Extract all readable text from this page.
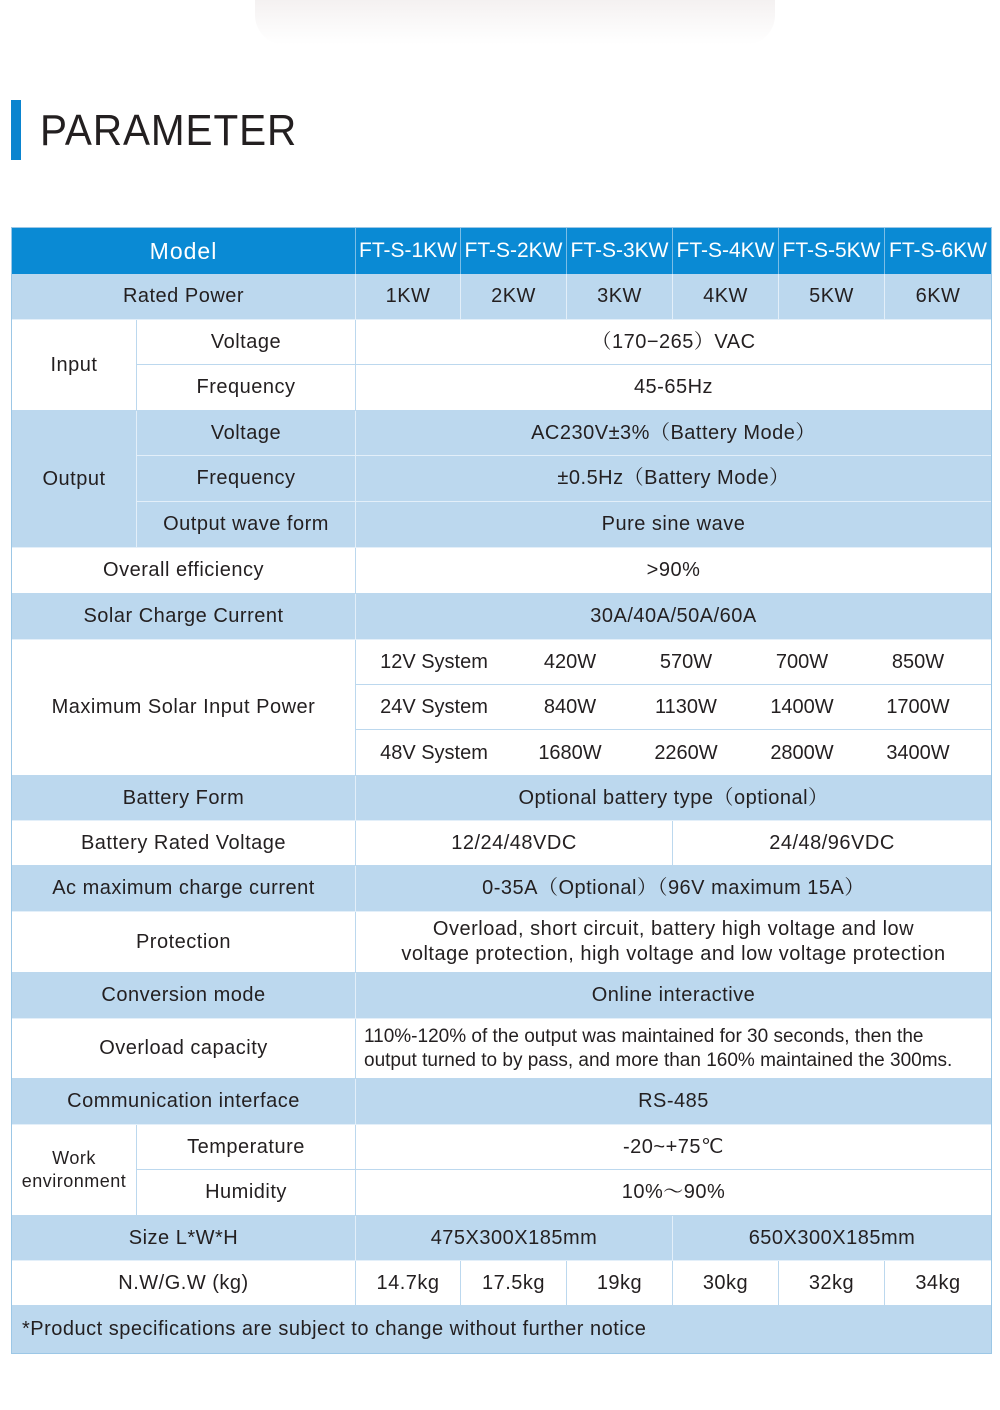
PARAMETER
Model	FT-S-1KW FT-S-2KW FT-S-3KW FT-S-4KW FT-S-5KW FT-S-6KW
Rated Power	1KW	2KW	3KW	4KW	5KW	6KW
Input
Voltage	（170−265）VAC
Frequency	45-65Hz
Output
Voltage	AC230V±3%（Battery Mode）
Frequency	±0.5Hz（Battery Mode）
Output wave form	Pure sine wave
Overall efficiency	>90%
Solar Charge Current	30A/40A/50A/60A
Maximum Solar Input Power
12V System	420W	570W	700W	850W
24V System	840W	1130W	1400W	1700W
48V System	1680W	2260W	2800W	3400W
Battery Form	Optional battery type（optional）
Battery Rated Voltage	12/24/48VDC	24/48/96VDC
Ac maximum charge current	0-35A（Optional）（96V maximum 15A）
Protection
Overload, short circuit, battery high voltage and low
voltage protection, high voltage and low voltage protection
Conversion mode	Online interactive
Overload capacity
110%-120% of the output was maintained for 30 seconds, then the
output turned to by pass, and more than 160% maintained the 300ms.
Communication interface	RS-485
Work
environment
Temperature	-20~+75℃
Humidity	10%～90%
Size L*W*H	475X300X185mm	650X300X185mm
N.W/G.W (kg)	14.7kg	17.5kg	19kg	30kg	32kg	34kg
*Product specifications are subject to change without further notice
